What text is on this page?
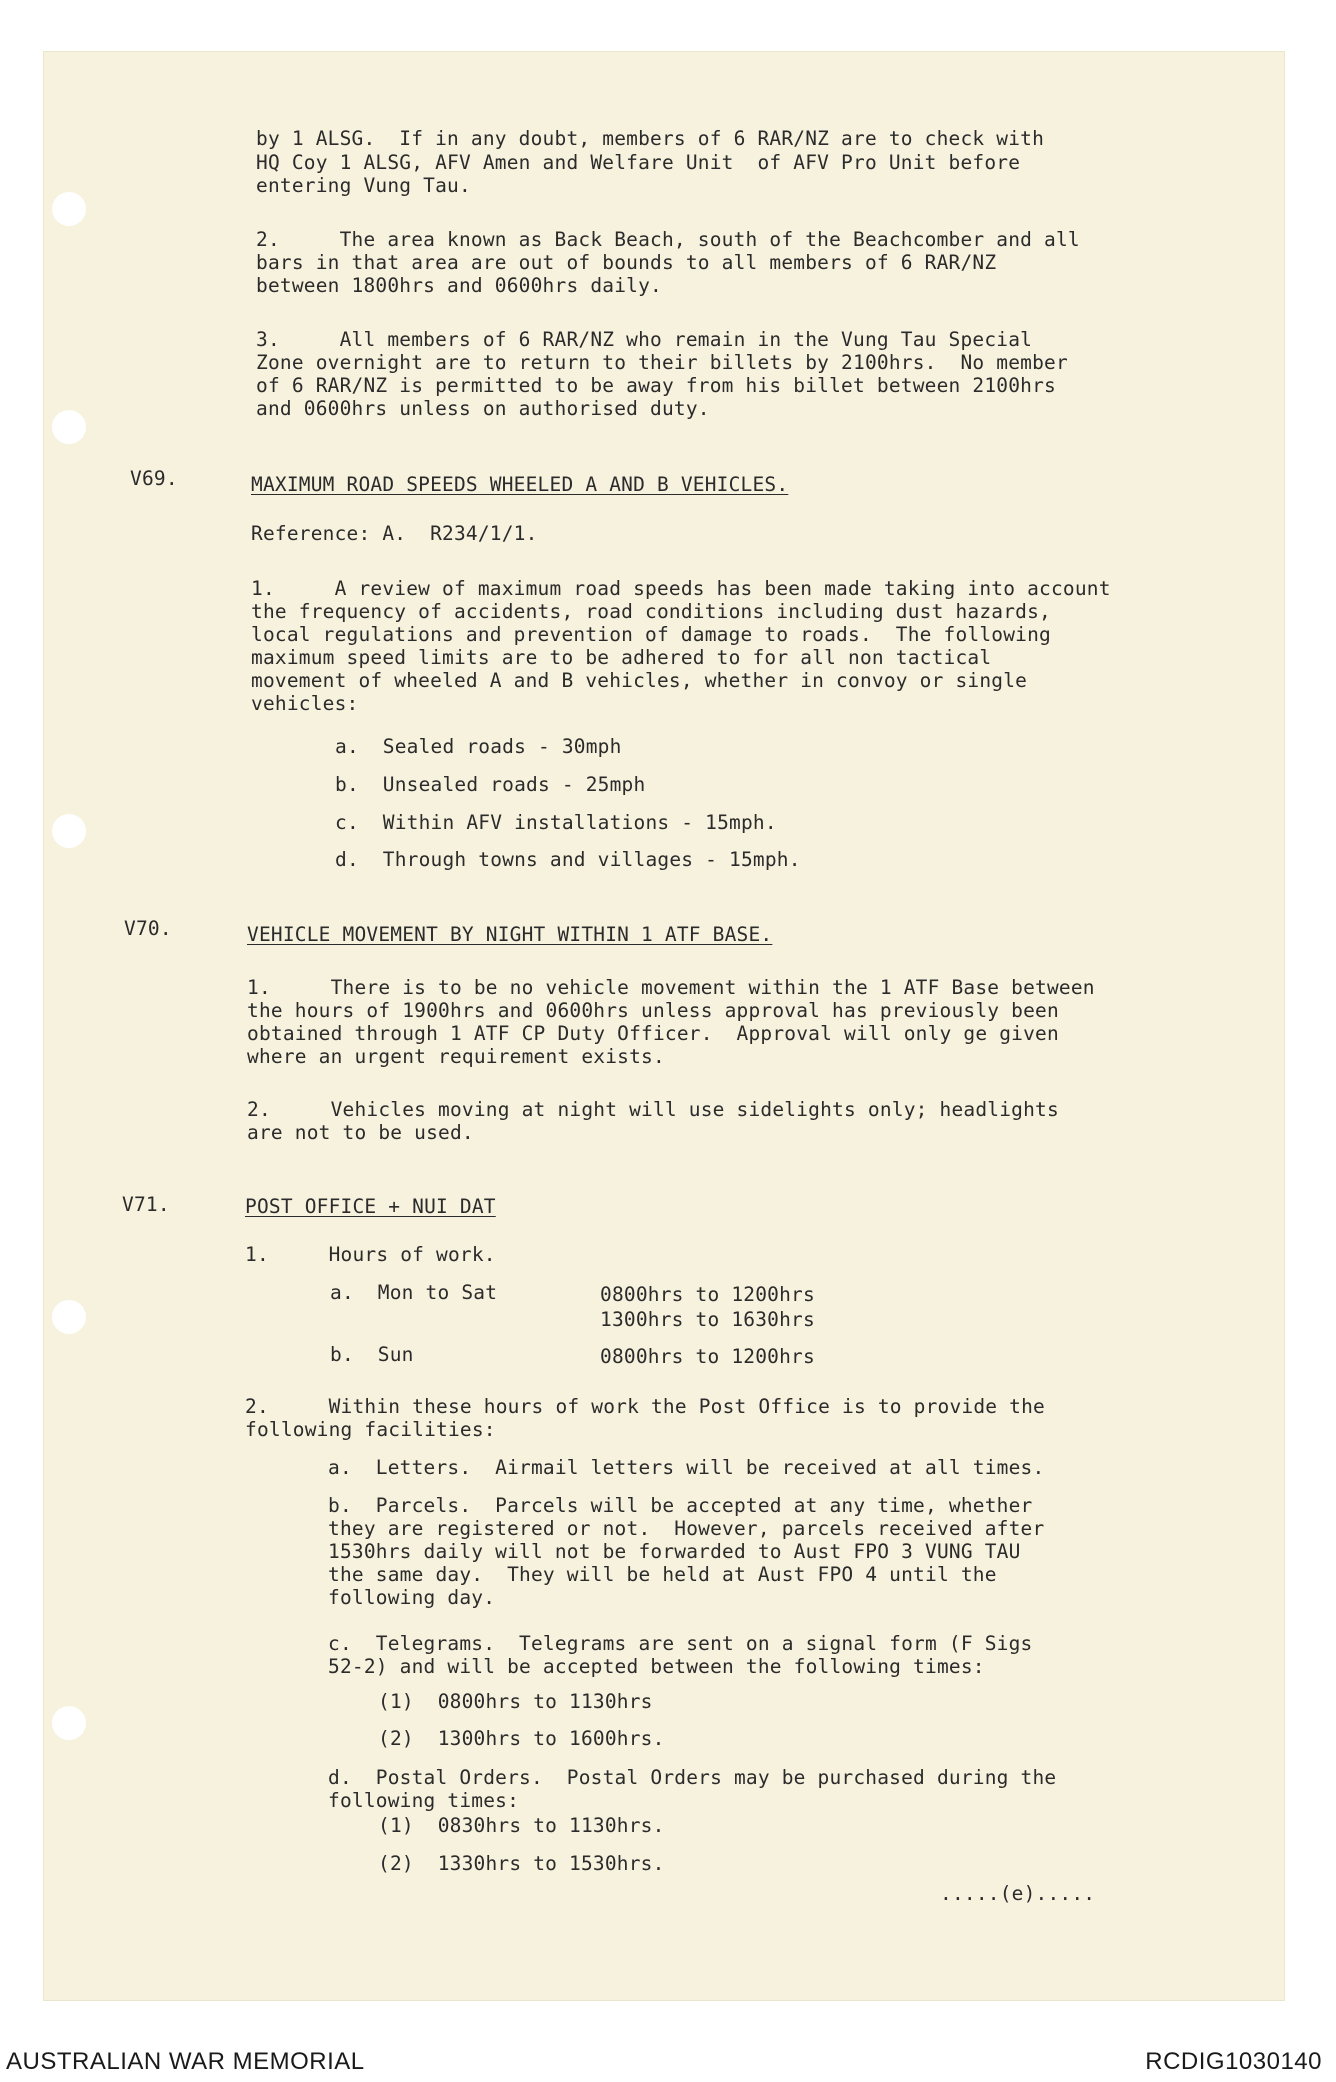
by 1 ALSG.  If in any doubt, members of 6 RAR/NZ are to check with
HQ Coy 1 ALSG, AFV Amen and Welfare Unit  of AFV Pro Unit before
entering Vung Tau.
2.     The area known as Back Beach, south of the Beachcomber and all
bars in that area are out of bounds to all members of 6 RAR/NZ
between 1800hrs and 0600hrs daily.
3.     All members of 6 RAR/NZ who remain in the Vung Tau Special
Zone overnight are to return to their billets by 2100hrs.  No member
of 6 RAR/NZ is permitted to be away from his billet between 2100hrs
and 0600hrs unless on authorised duty.
V69.	MAXIMUM ROAD SPEEDS WHEELED A AND B VEHICLES.
Reference: A.  R234/1/1.
1.     A review of maximum road speeds has been made taking into account
the frequency of accidents, road conditions including dust hazards,
local regulations and prevention of damage to roads.  The following
maximum speed limits are to be adhered to for all non tactical
movement of wheeled A and B vehicles, whether in convoy or single
vehicles:
a.  Sealed roads - 30mph
b.  Unsealed roads - 25mph
c.  Within AFV installations - 15mph.
d.  Through towns and villages - 15mph.
V70.	VEHICLE MOVEMENT BY NIGHT WITHIN 1 ATF BASE.
1.     There is to be no vehicle movement within the 1 ATF Base between
the hours of 1900hrs and 0600hrs unless approval has previously been
obtained through 1 ATF CP Duty Officer.  Approval will only ge given
where an urgent requirement exists.
2.     Vehicles moving at night will use sidelights only; headlights
are not to be used.
V71.	POST OFFICE + NUI DAT
1.     Hours of work.
a.  Mon to Sat	0800hrs to 1200hrs
1300hrs to 1630hrs
b.  Sun	0800hrs to 1200hrs
2.     Within these hours of work the Post Office is to provide the
following facilities:
a.  Letters.  Airmail letters will be received at all times.
b.  Parcels.  Parcels will be accepted at any time, whether
they are registered or not.  However, parcels received after
1530hrs daily will not be forwarded to Aust FPO 3 VUNG TAU
the same day.  They will be held at Aust FPO 4 until the
following day.
c.  Telegrams.  Telegrams are sent on a signal form (F Sigs
52-2) and will be accepted between the following times:
(1)  0800hrs to 1130hrs
(2)  1300hrs to 1600hrs.
d.  Postal Orders.  Postal Orders may be purchased during the
following times:
(1)  0830hrs to 1130hrs.
(2)  1330hrs to 1530hrs.
.....(e).....
AUSTRALIAN WAR MEMORIAL	RCDIG1030140
